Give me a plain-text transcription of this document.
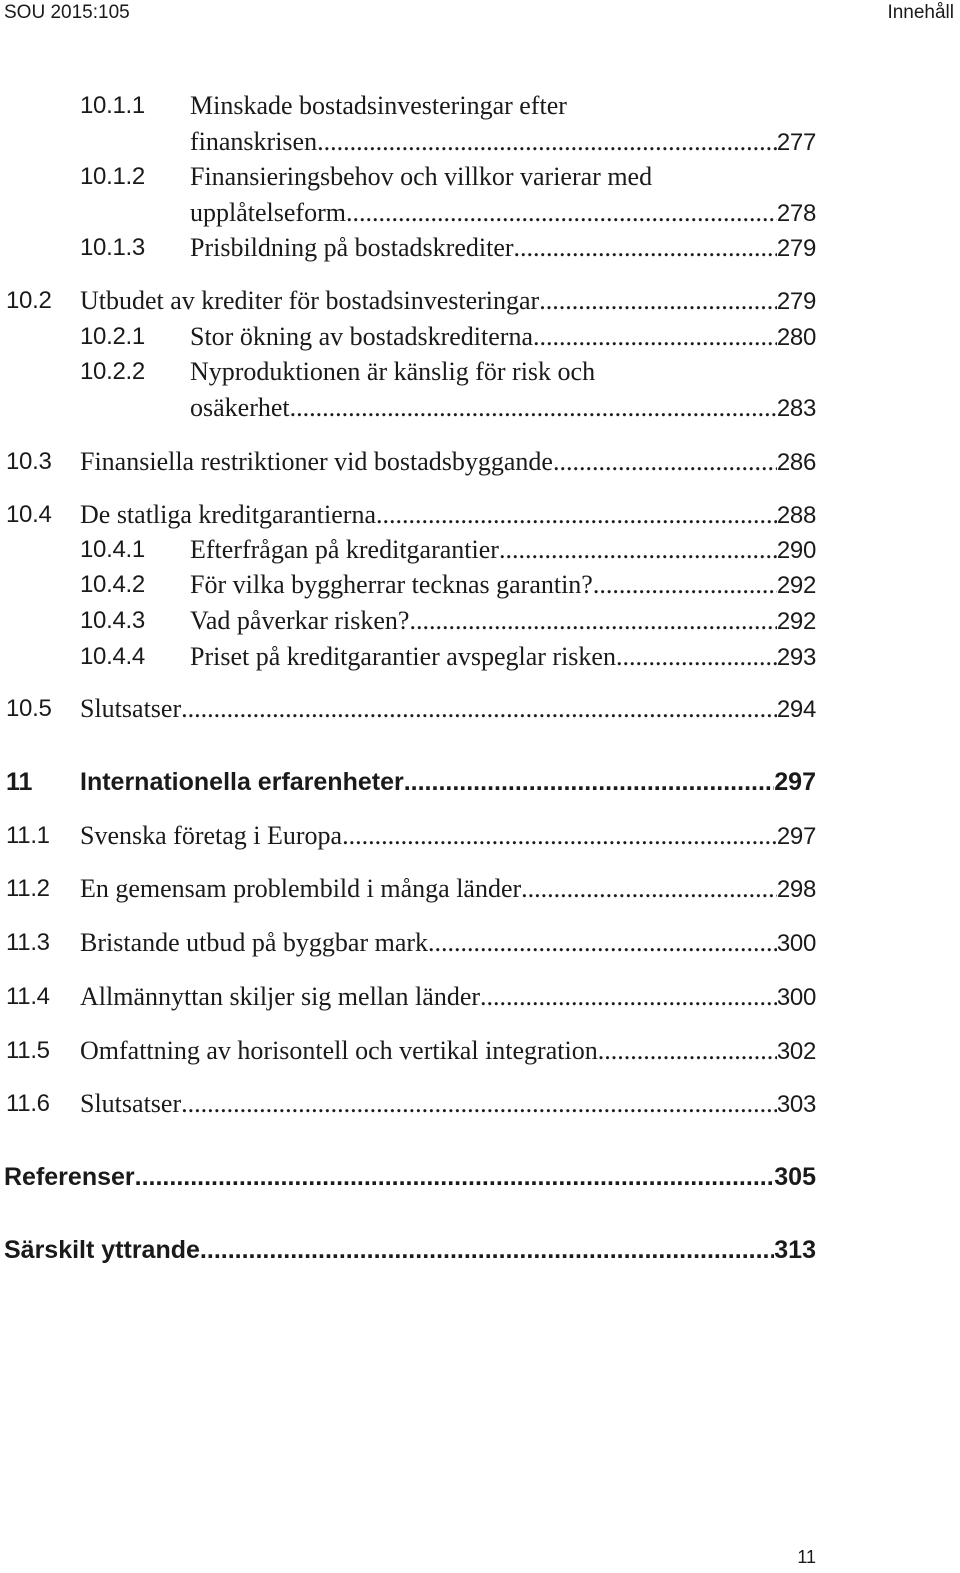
SOU 2015:105	Innehåll
10.1.1 Minskade bostadsinvesteringar efter
finanskrisen .....	277
10.1.2 Finansieringsbehov och villkor varierar med
upplåtelseform .....	278
10.1.3 Prisbildning på bostadskrediter .....	279
10.2 Utbudet av krediter för bostadsinvesteringar .....	279
10.2.1 Stor ökning av bostadskrediterna .....	280
10.2.2 Nyproduktionen är känslig för risk och
osäkerhet .....	283
10.3 Finansiella restriktioner vid bostadsbyggande .....	286
10.4 De statliga kreditgarantierna .....	288
10.4.1 Efterfrågan på kreditgarantier .....	290
10.4.2 För vilka byggherrar tecknas garantin? .....	292
10.4.3 Vad påverkar risken? .....	292
10.4.4 Priset på kreditgarantier avspeglar risken .....	293
10.5 Slutsatser .....	294
11 Internationella erfarenheter .....	297
11.1 Svenska företag i Europa .....	297
11.2 En gemensam problembild i många länder .....	298
11.3 Bristande utbud på byggbar mark .....	300
11.4 Allmännyttan skiljer sig mellan länder .....	300
11.5 Omfattning av horisontell och vertikal integration .....	302
11.6 Slutsatser .....	303
Referenser .....	305
Särskilt yttrande .....	313
11
